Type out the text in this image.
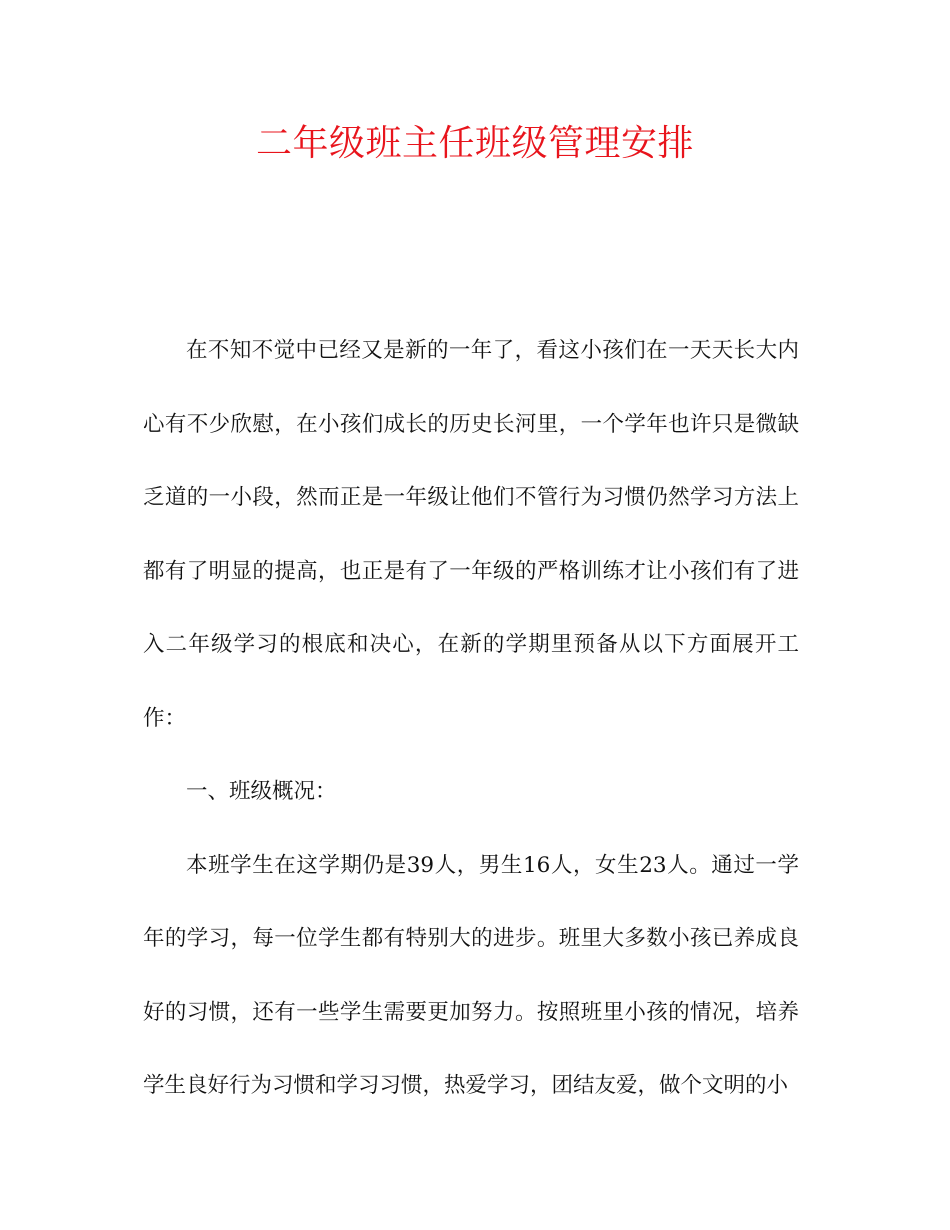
二年级班主任班级管理安排

在不知不觉中已经又是新的一年了，看这小孩们在一天天长大内心有不少欣慰，在小孩们成长的历史长河里，一个学年也许只是微缺乏道的一小段，然而正是一年级让他们不管行为习惯仍然学习方法上都有了明显的提高，也正是有了一年级的严格训练才让小孩们有了进入二年级学习的根底和决心，在新的学期里预备从以下方面展开工作：

一、班级概况：

本班学生在这学期仍是39人，男生16人，女生23人。通过一学年的学习，每一位学生都有特别大的进步。班里大多数小孩已养成良好的习惯，还有一些学生需要更加努力。按照班里小孩的情况，培养学生良好行为习惯和学习习惯，热爱学习，团结友爱，做个文明的小
